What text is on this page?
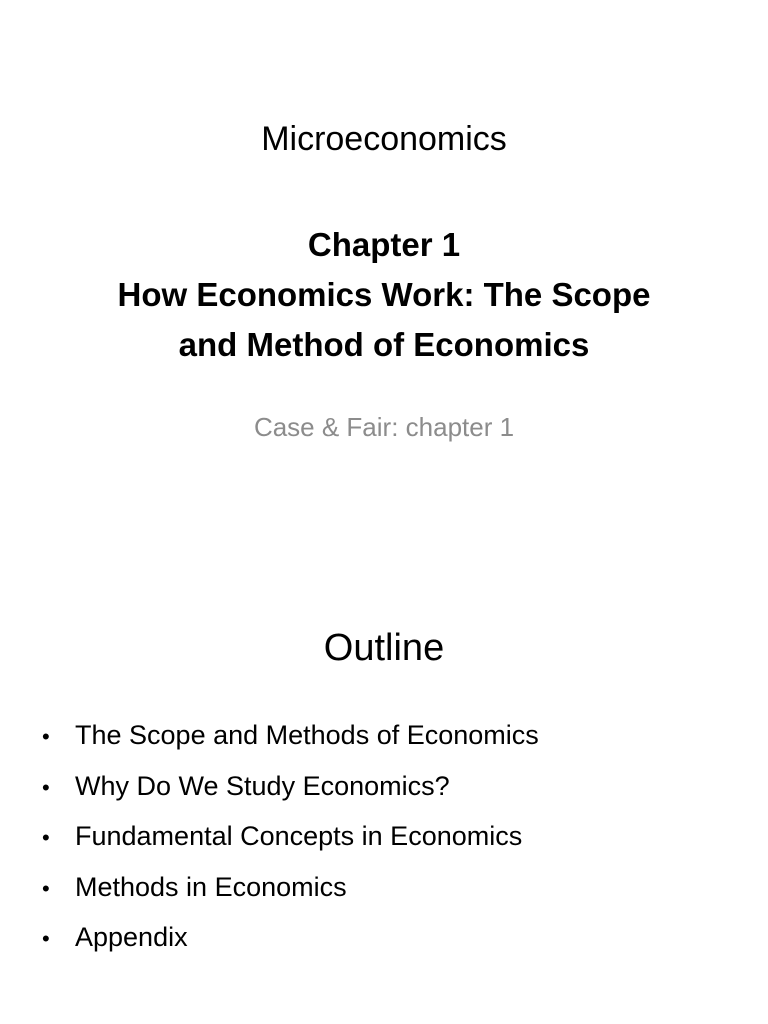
Microeconomics
Chapter 1
How Economics Work: The Scope
and Method of Economics
Case & Fair: chapter 1
Outline
• The Scope and Methods of Economics
• Why Do We Study Economics?
• Fundamental Concepts in Economics
• Methods in Economics
• Appendix
